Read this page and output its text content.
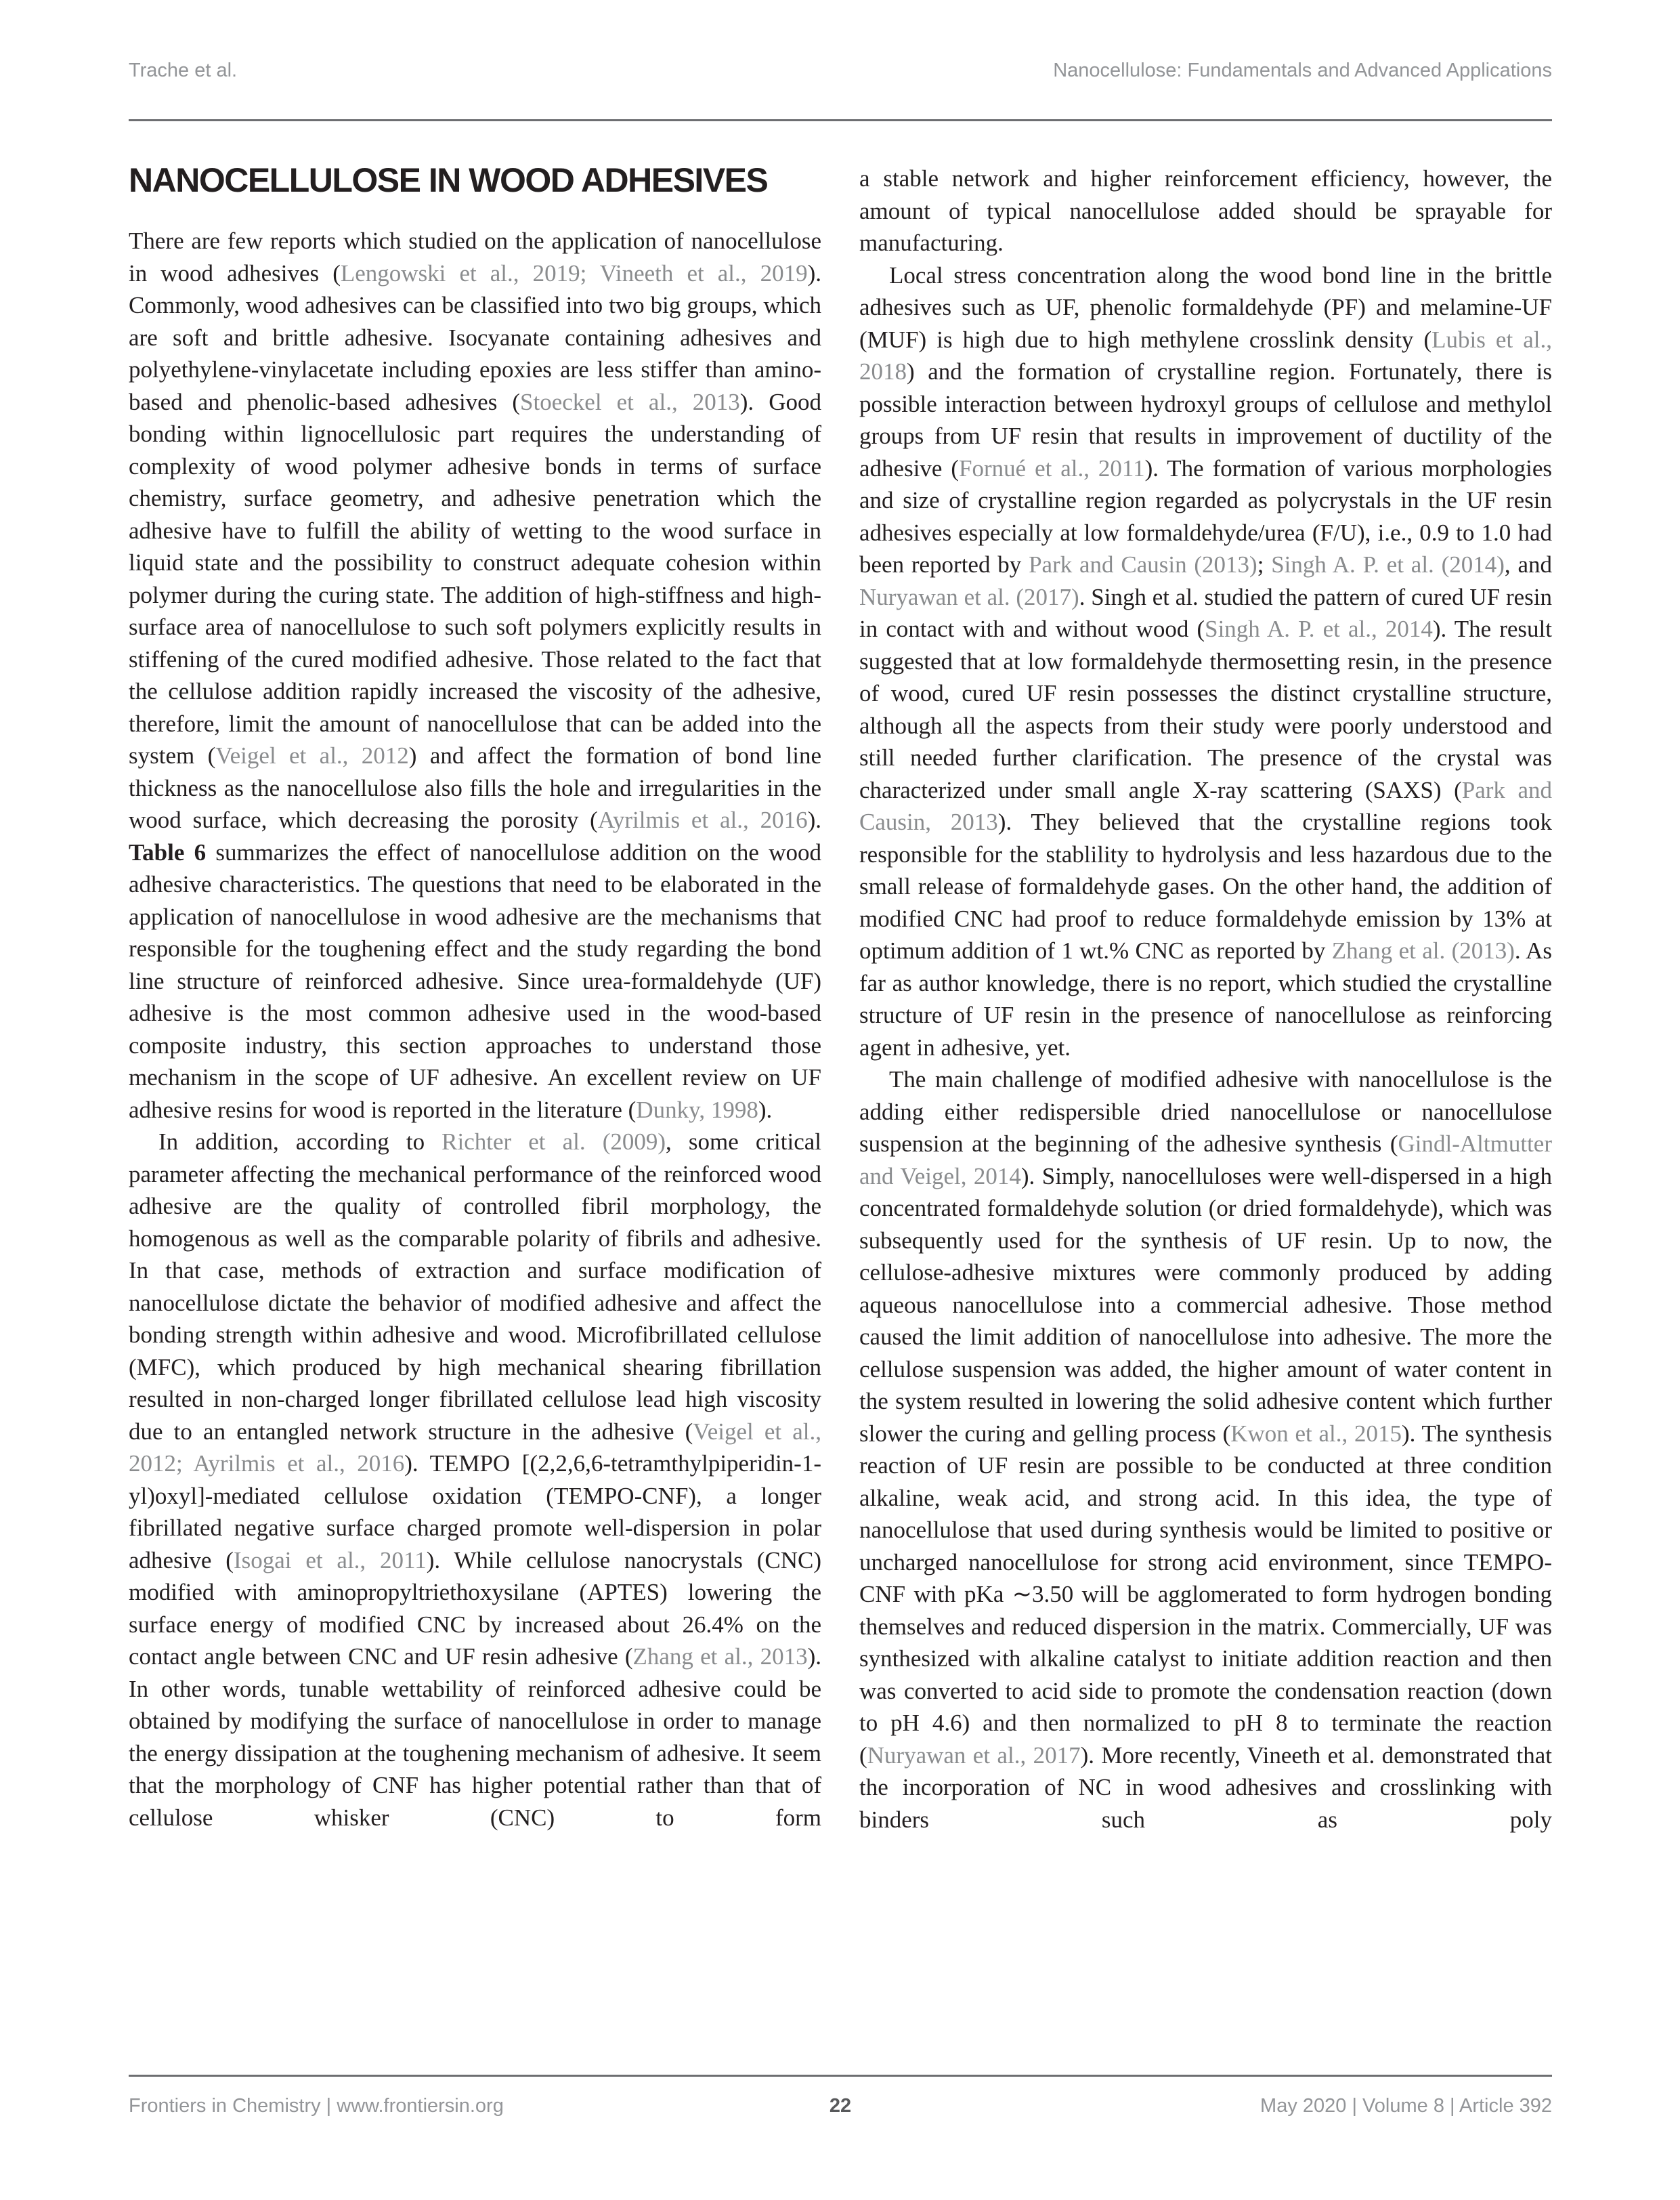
Trache et al.	Nanocellulose: Fundamentals and Advanced Applications
NANOCELLULOSE IN WOOD ADHESIVES

There are few reports which studied on the application of nanocellulose in wood adhesives (Lengowski et al., 2019; Vineeth et al., 2019). Commonly, wood adhesives can be classified into two big groups, which are soft and brittle adhesive. Isocyanate containing adhesives and polyethylene-vinylacetate including epoxies are less stiffer than amino-based and phenolic-based adhesives (Stoeckel et al., 2013). Good bonding within lignocellulosic part requires the understanding of complexity of wood polymer adhesive bonds in terms of surface chemistry, surface geometry, and adhesive penetration which the adhesive have to fulfill the ability of wetting to the wood surface in liquid state and the possibility to construct adequate cohesion within polymer during the curing state. The addition of high-stiffness and high-surface area of nanocellulose to such soft polymers explicitly results in stiffening of the cured modified adhesive. Those related to the fact that the cellulose addition rapidly increased the viscosity of the adhesive, therefore, limit the amount of nanocellulose that can be added into the system (Veigel et al., 2012) and affect the formation of bond line thickness as the nanocellulose also fills the hole and irregularities in the wood surface, which decreasing the porosity (Ayrilmis et al., 2016). Table 6 summarizes the effect of nanocellulose addition on the wood adhesive characteristics. The questions that need to be elaborated in the application of nanocellulose in wood adhesive are the mechanisms that responsible for the toughening effect and the study regarding the bond line structure of reinforced adhesive. Since urea-formaldehyde (UF) adhesive is the most common adhesive used in the wood-based composite industry, this section approaches to understand those mechanism in the scope of UF adhesive. An excellent review on UF adhesive resins for wood is reported in the literature (Dunky, 1998).

In addition, according to Richter et al. (2009), some critical parameter affecting the mechanical performance of the reinforced wood adhesive are the quality of controlled fibril morphology, the homogenous as well as the comparable polarity of fibrils and adhesive. In that case, methods of extraction and surface modification of nanocellulose dictate the behavior of modified adhesive and affect the bonding strength within adhesive and wood. Microfibrillated cellulose (MFC), which produced by high mechanical shearing fibrillation resulted in non-charged longer fibrillated cellulose lead high viscosity due to an entangled network structure in the adhesive (Veigel et al., 2012; Ayrilmis et al., 2016). TEMPO [(2,2,6,6-tetramthylpiperidin-1-yl)oxyl]-mediated cellulose oxidation (TEMPO-CNF), a longer fibrillated negative surface charged promote well-dispersion in polar adhesive (Isogai et al., 2011). While cellulose nanocrystals (CNC) modified with aminopropyltriethoxysilane (APTES) lowering the surface energy of modified CNC by increased about 26.4% on the contact angle between CNC and UF resin adhesive (Zhang et al., 2013). In other words, tunable wettability of reinforced adhesive could be obtained by modifying the surface of nanocellulose in order to manage the energy dissipation at the toughening mechanism of adhesive. It seem that the morphology of CNF has higher potential rather than that of cellulose whisker (CNC) to form

a stable network and higher reinforcement efficiency, however, the amount of typical nanocellulose added should be sprayable for manufacturing.

Local stress concentration along the wood bond line in the brittle adhesives such as UF, phenolic formaldehyde (PF) and melamine-UF (MUF) is high due to high methylene crosslink density (Lubis et al., 2018) and the formation of crystalline region. Fortunately, there is possible interaction between hydroxyl groups of cellulose and methylol groups from UF resin that results in improvement of ductility of the adhesive (Fornué et al., 2011). The formation of various morphologies and size of crystalline region regarded as polycrystals in the UF resin adhesives especially at low formaldehyde/urea (F/U), i.e., 0.9 to 1.0 had been reported by Park and Causin (2013); Singh A. P. et al. (2014), and Nuryawan et al. (2017). Singh et al. studied the pattern of cured UF resin in contact with and without wood (Singh A. P. et al., 2014). The result suggested that at low formaldehyde thermosetting resin, in the presence of wood, cured UF resin possesses the distinct crystalline structure, although all the aspects from their study were poorly understood and still needed further clarification. The presence of the crystal was characterized under small angle X-ray scattering (SAXS) (Park and Causin, 2013). They believed that the crystalline regions took responsible for the stablility to hydrolysis and less hazardous due to the small release of formaldehyde gases. On the other hand, the addition of modified CNC had proof to reduce formaldehyde emission by 13% at optimum addition of 1 wt.% CNC as reported by Zhang et al. (2013). As far as author knowledge, there is no report, which studied the crystalline structure of UF resin in the presence of nanocellulose as reinforcing agent in adhesive, yet.

The main challenge of modified adhesive with nanocellulose is the adding either redispersible dried nanocellulose or nanocellulose suspension at the beginning of the adhesive synthesis (Gindl-Altmutter and Veigel, 2014). Simply, nanocelluloses were well-dispersed in a high concentrated formaldehyde solution (or dried formaldehyde), which was subsequently used for the synthesis of UF resin. Up to now, the cellulose-adhesive mixtures were commonly produced by adding aqueous nanocellulose into a commercial adhesive. Those method caused the limit addition of nanocellulose into adhesive. The more the cellulose suspension was added, the higher amount of water content in the system resulted in lowering the solid adhesive content which further slower the curing and gelling process (Kwon et al., 2015). The synthesis reaction of UF resin are possible to be conducted at three condition alkaline, weak acid, and strong acid. In this idea, the type of nanocellulose that used during synthesis would be limited to positive or uncharged nanocellulose for strong acid environment, since TEMPO-CNF with pKa ∼3.50 will be agglomerated to form hydrogen bonding themselves and reduced dispersion in the matrix. Commercially, UF was synthesized with alkaline catalyst to initiate addition reaction and then was converted to acid side to promote the condensation reaction (down to pH 4.6) and then normalized to pH 8 to terminate the reaction (Nuryawan et al., 2017). More recently, Vineeth et al. demonstrated that the incorporation of NC in wood adhesives and crosslinking with binders such as poly

Frontiers in Chemistry | www.frontiersin.org	22	May 2020 | Volume 8 | Article 392
